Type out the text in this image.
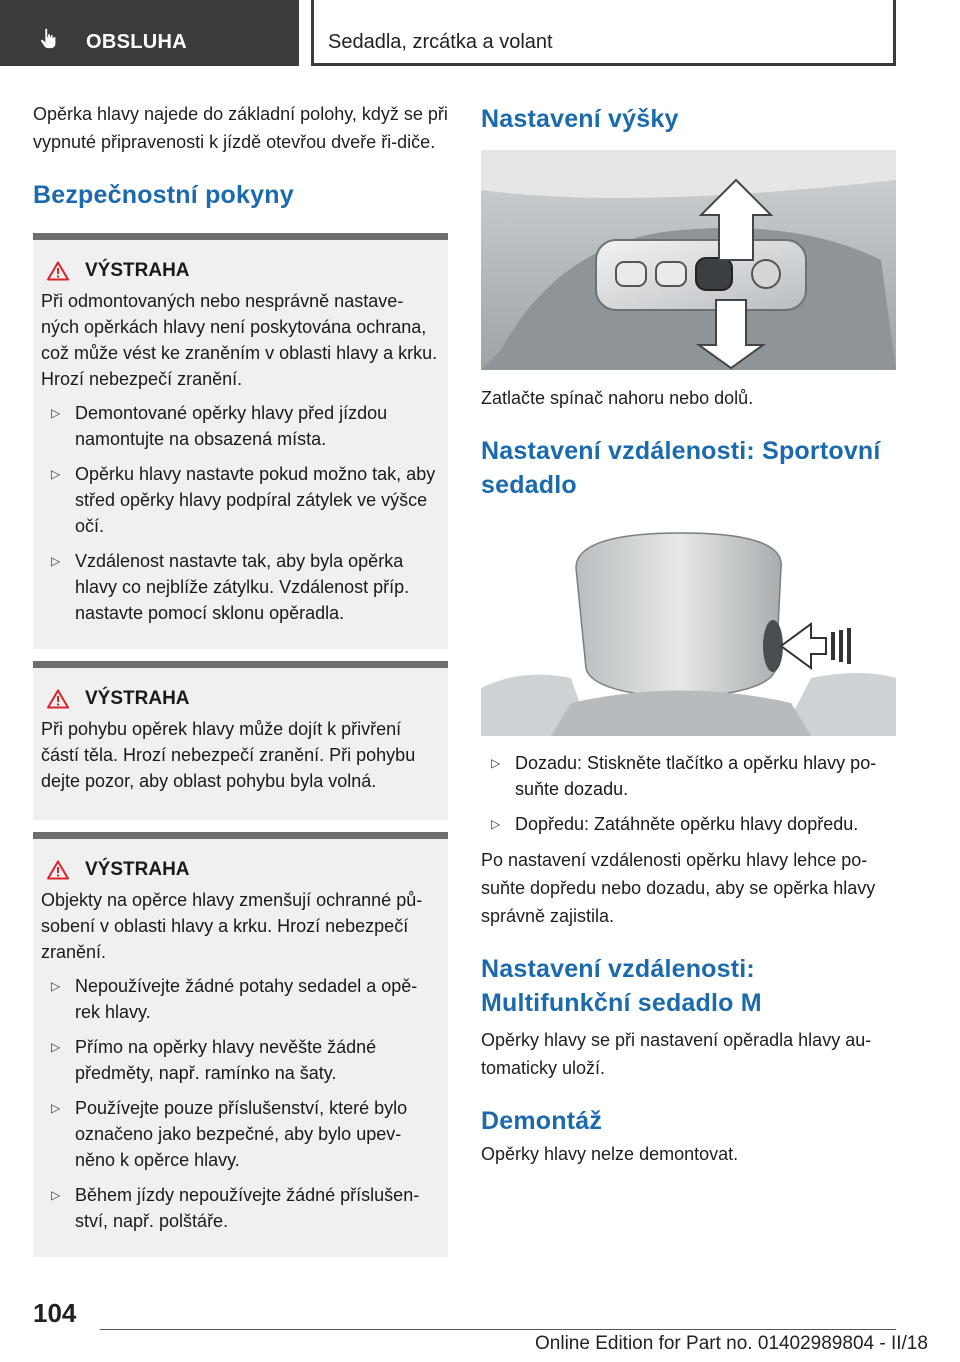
OBSLUHA	Sedadla, zrcátka a volant

Opěrka hlavy najede do základní polohy, když se při vypnuté připravenosti k jízdě otevřou dveře ři‐diče.

Bezpečnostní pokyny
VÝSTRAHA

Při odmontovaných nebo nesprávně nastave‐ných opěrkách hlavy není poskytována ochrana, což může vést ke zraněním v oblasti hlavy a krku. Hrozí nebezpečí zranění.

▷ Demontované opěrky hlavy před jízdou namontujte na obsazená místa.
▷ Opěrku hlavy nastavte pokud možno tak, aby střed opěrky hlavy podpíral zátylek ve výšce očí.
▷ Vzdálenost nastavte tak, aby byla opěrka hlavy co nejblíže zátylku. Vzdálenost příp. nastavte pomocí sklonu opěradla.
VÝSTRAHA

Při pohybu opěrek hlavy může dojít k přivření částí těla. Hrozí nebezpečí zranění. Při pohybu dejte pozor, aby oblast pohybu byla volná.

VÝSTRAHA

Objekty na opěrce hlavy zmenšují ochranné pů‐sobení v oblasti hlavy a krku. Hrozí nebezpečí zranění.

▷ Nepoužívejte žádné potahy sedadel a opě‐rek hlavy.
▷ Přímo na opěrky hlavy nevěšte žádné předměty, např. ramínko na šaty.
▷ Používejte pouze příslušenství, které bylo označeno jako bezpečné, aby bylo upev‐něno k opěrce hlavy.
▷ Během jízdy nepoužívejte žádné příslušen‐ství, např. polštáře.
Nastavení výšky

Zatlačte spínač nahoru nebo dolů.

Nastavení vzdálenosti: Sportovní sedadlo
▷ Dozadu: Stiskněte tlačítko a opěrku hlavy po‐suňte dozadu.
▷ Dopředu: Zatáhněte opěrku hlavy dopředu.

Po nastavení vzdálenosti opěrku hlavy lehce po‐suňte dopředu nebo dozadu, aby se opěrka hlavy správně zajistila.

Nastavení vzdálenosti: Multifunkční sedadlo M

Opěrky hlavy se při nastavení opěradla hlavy au‐tomaticky uloží.

Demontáž

Opěrky hlavy nelze demontovat.

104
Online Edition for Part no. 01402989804 - II/18
